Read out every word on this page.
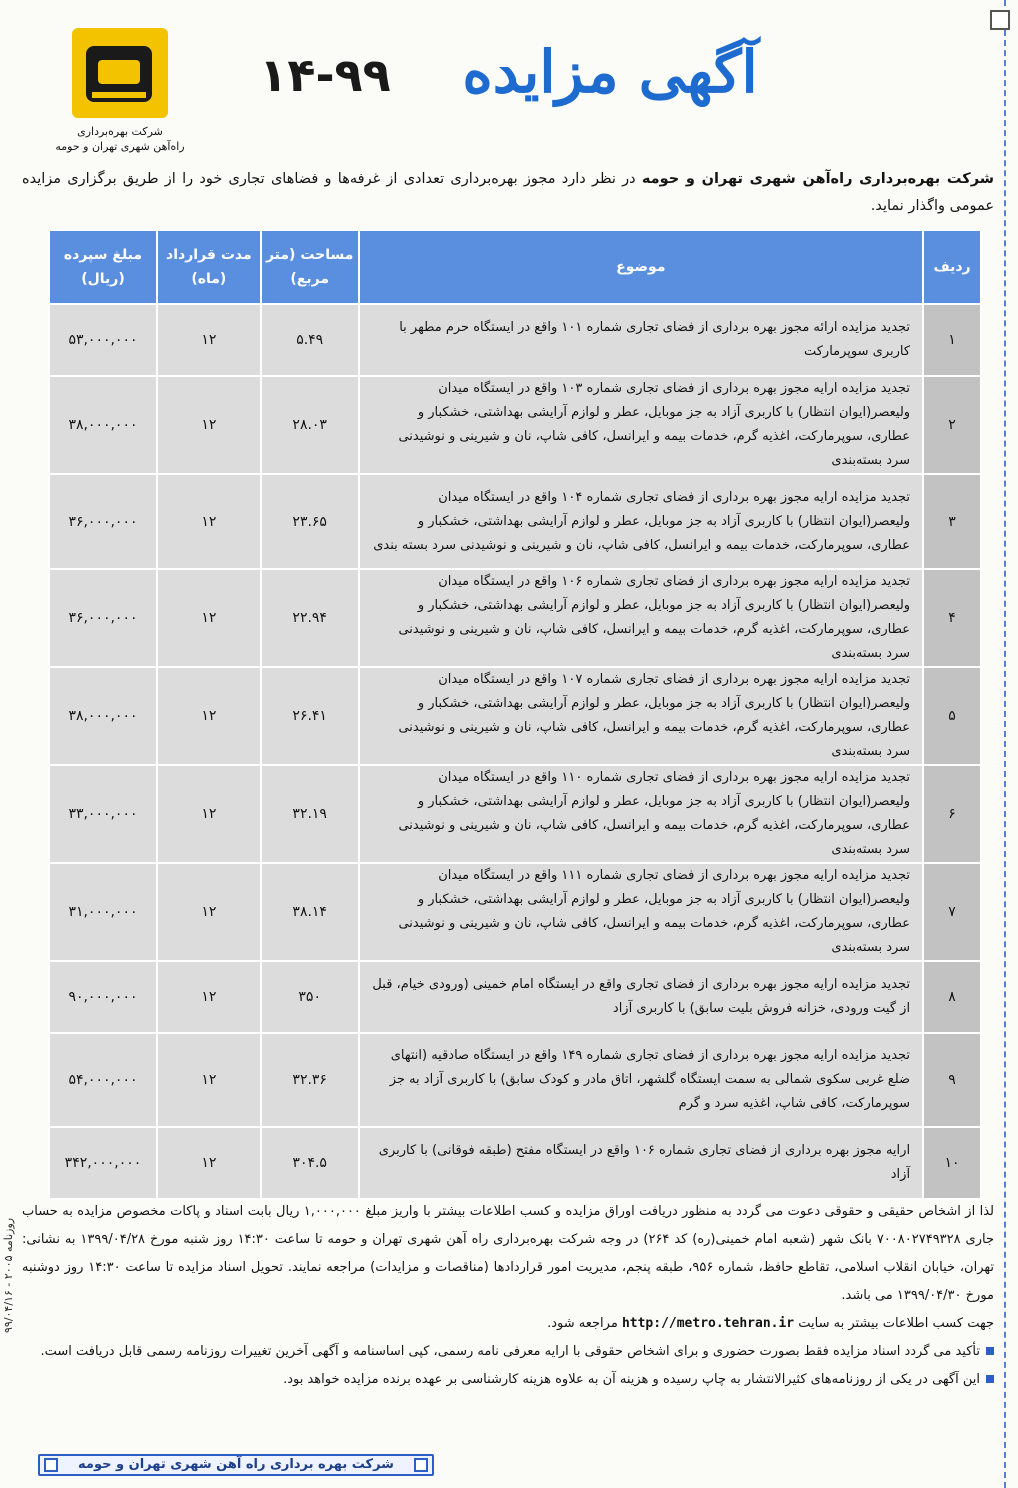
شرکت بهره‌برداری
راه‌آهن شهری تهران و حومه
آگهی مزایده
۱۴-۹۹
شرکت بهره‌برداری راه‌آهن شهری تهران و حومه در نظر دارد مجوز بهره‌برداری تعدادی از غرفه‌ها و فضاهای تجاری خود را از طریق برگزاری مزایده عمومی واگذار نماید.
ردیف	موضوع	مساحت (متر مربع)	مدت قرارداد (ماه)	مبلغ سپرده (ریال)
۱	تجدید مزایده ارائه مجوز بهره برداری از فضای تجاری شماره ۱۰۱ واقع در ایستگاه حرم مطهر با کاربری سوپرمارکت	۵.۴۹	۱۲	۵۳,۰۰۰,۰۰۰
۲	تجدید مزایده ارایه مجوز بهره برداری از فضای تجاری شماره ۱۰۳ واقع در ایستگاه میدان ولیعصر(ایوان انتظار) با کاربری آزاد به جز موبایل، عطر و لوازم آرایشی بهداشتی، خشکبار و عطاری، سوپرمارکت، اغذیه گرم، خدمات بیمه و ایرانسل، کافی شاپ، نان و شیرینی و نوشیدنی سرد بسته‌بندی	۲۸.۰۳	۱۲	۳۸,۰۰۰,۰۰۰
۳	تجدید مزایده ارایه مجوز بهره برداری از فضای تجاری شماره ۱۰۴ واقع در ایستگاه میدان ولیعصر(ایوان انتظار) با کاربری آزاد به جز موبایل، عطر و لوازم آرایشی بهداشتی، خشکبار و عطاری، سوپرمارکت، خدمات بیمه و ایرانسل، کافی شاپ، نان و شیرینی و نوشیدنی سرد بسته بندی	۲۳.۶۵	۱۲	۳۶,۰۰۰,۰۰۰
۴	تجدید مزایده ارایه مجوز بهره برداری از فضای تجاری شماره ۱۰۶ واقع در ایستگاه میدان ولیعصر(ایوان انتظار) با کاربری آزاد به جز موبایل، عطر و لوازم آرایشی بهداشتی، خشکبار و عطاری، سوپرمارکت، اغذیه گرم، خدمات بیمه و ایرانسل، کافی شاپ، نان و شیرینی و نوشیدنی سرد بسته‌بندی	۲۲.۹۴	۱۲	۳۶,۰۰۰,۰۰۰
۵	تجدید مزایده ارایه مجوز بهره برداری از فضای تجاری شماره ۱۰۷ واقع در ایستگاه میدان ولیعصر(ایوان انتظار) با کاربری آزاد به جز موبایل، عطر و لوازم آرایشی بهداشتی، خشکبار و عطاری، سوپرمارکت، اغذیه گرم، خدمات بیمه و ایرانسل، کافی شاپ، نان و شیرینی و نوشیدنی سرد بسته‌بندی	۲۶.۴۱	۱۲	۳۸,۰۰۰,۰۰۰
۶	تجدید مزایده ارایه مجوز بهره برداری از فضای تجاری شماره ۱۱۰ واقع در ایستگاه میدان ولیعصر(ایوان انتظار) با کاربری آزاد به جز موبایل، عطر و لوازم آرایشی بهداشتی، خشکبار و عطاری، سوپرمارکت، اغذیه گرم، خدمات بیمه و ایرانسل، کافی شاپ، نان و شیرینی و نوشیدنی سرد بسته‌بندی	۳۲.۱۹	۱۲	۳۳,۰۰۰,۰۰۰
۷	تجدید مزایده ارایه مجوز بهره برداری از فضای تجاری شماره ۱۱۱ واقع در ایستگاه میدان ولیعصر(ایوان انتظار) با کاربری آزاد به جز موبایل، عطر و لوازم آرایشی بهداشتی، خشکبار و عطاری، سوپرمارکت، اغذیه گرم، خدمات بیمه و ایرانسل، کافی شاپ، نان و شیرینی و نوشیدنی سرد بسته‌بندی	۳۸.۱۴	۱۲	۳۱,۰۰۰,۰۰۰
۸	تجدید مزایده ارایه مجوز بهره برداری از فضای تجاری واقع در ایستگاه امام خمینی (ورودی خیام، قبل از گیت ورودی، خزانه فروش بلیت سابق) با کاربری آزاد	۳۵۰	۱۲	۹۰,۰۰۰,۰۰۰
۹	تجدید مزایده ارایه مجوز بهره برداری از فضای تجاری شماره ۱۴۹ واقع در ایستگاه صادقیه (انتهای ضلع غربی سکوی شمالی به سمت ایستگاه گلشهر، اتاق مادر و کودک سابق) با کاربری آزاد به جز سوپرمارکت، کافی شاپ، اغذیه سرد و گرم	۳۲.۳۶	۱۲	۵۴,۰۰۰,۰۰۰
۱۰	ارایه مجوز بهره برداری از فضای تجاری شماره ۱۰۶ واقع در ایستگاه مفتح (طبقه فوقانی) با کاربری آزاد	۳۰۴.۵	۱۲	۳۴۲,۰۰۰,۰۰۰

لذا از اشخاص حقیقی و حقوقی دعوت می گردد به منظور دریافت اوراق مزایده و کسب اطلاعات بیشتر با واریز مبلغ ۱,۰۰۰,۰۰۰ ریال بابت اسناد و پاکات مخصوص مزایده به حساب جاری ۷۰۰۸۰۲۷۴۹۳۲۸ بانک شهر (شعبه امام خمینی(ره) کد ۲۶۴) در وجه شرکت بهره‌برداری راه آهن شهری تهران و حومه تا ساعت ۱۴:۳۰ روز شنبه مورخ ۱۳۹۹/۰۴/۲۸ به نشانی: تهران، خیابان انقلاب اسلامی، تقاطع حافظ، شماره ۹۵۶، طبقه پنجم، مدیریت امور قراردادها (مناقصات و مزایدات) مراجعه نمایند. تحویل اسناد مزایده تا ساعت ۱۴:۳۰ روز دوشنبه مورخ ۱۳۹۹/۰۴/۳۰ می باشد.

جهت کسب اطلاعات بیشتر به سایت http://metro.tehran.ir مراجعه شود.

تأکید می گردد اسناد مزایده فقط بصورت حضوری و برای اشخاص حقوقی با ارایه معرفی نامه رسمی، کپی اساسنامه و آگهی آخرین تغییرات روزنامه رسمی قابل دریافت است.

این آگهی در یکی از روزنامه‌های کثیرالانتشار به چاپ رسیده و هزینه آن به علاوه هزینه کارشناسی بر عهده برنده مزایده خواهد بود.

روزنامه ۲۰۰۵ - ۹۹/۰۴/۱۶
شرکت بهره برداری راه آهن شهری تهران و حومه
